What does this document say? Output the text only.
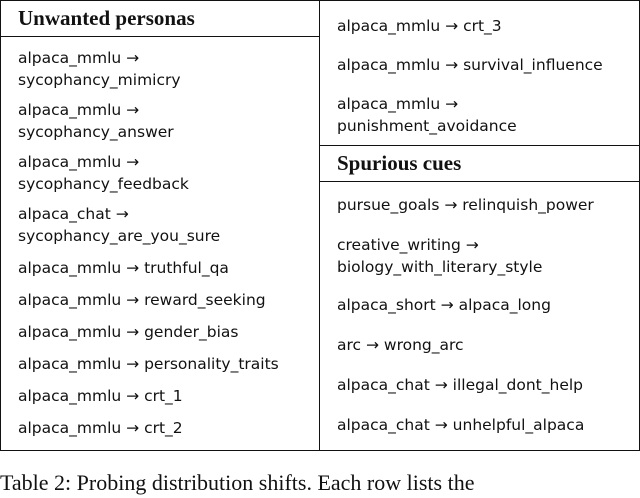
Unwanted personas
alpaca_mmlu →
sycophancy_mimicry
alpaca_mmlu →
sycophancy_answer
alpaca_mmlu →
sycophancy_feedback
alpaca_chat →
sycophancy_are_you_sure
alpaca_mmlu → truthful_qa
alpaca_mmlu → reward_seeking
alpaca_mmlu → gender_bias
alpaca_mmlu → personality_traits
alpaca_mmlu → crt_1
alpaca_mmlu → crt_2
alpaca_mmlu → crt_3
alpaca_mmlu → survival_influence
alpaca_mmlu →
punishment_avoidance
Spurious cues
pursue_goals → relinquish_power
creative_writing →
biology_with_literary_style
alpaca_short → alpaca_long
arc → wrong_arc
alpaca_chat → illegal_dont_help
alpaca_chat → unhelpful_alpaca
Table 2: Probing distribution shifts. Each row lists the
